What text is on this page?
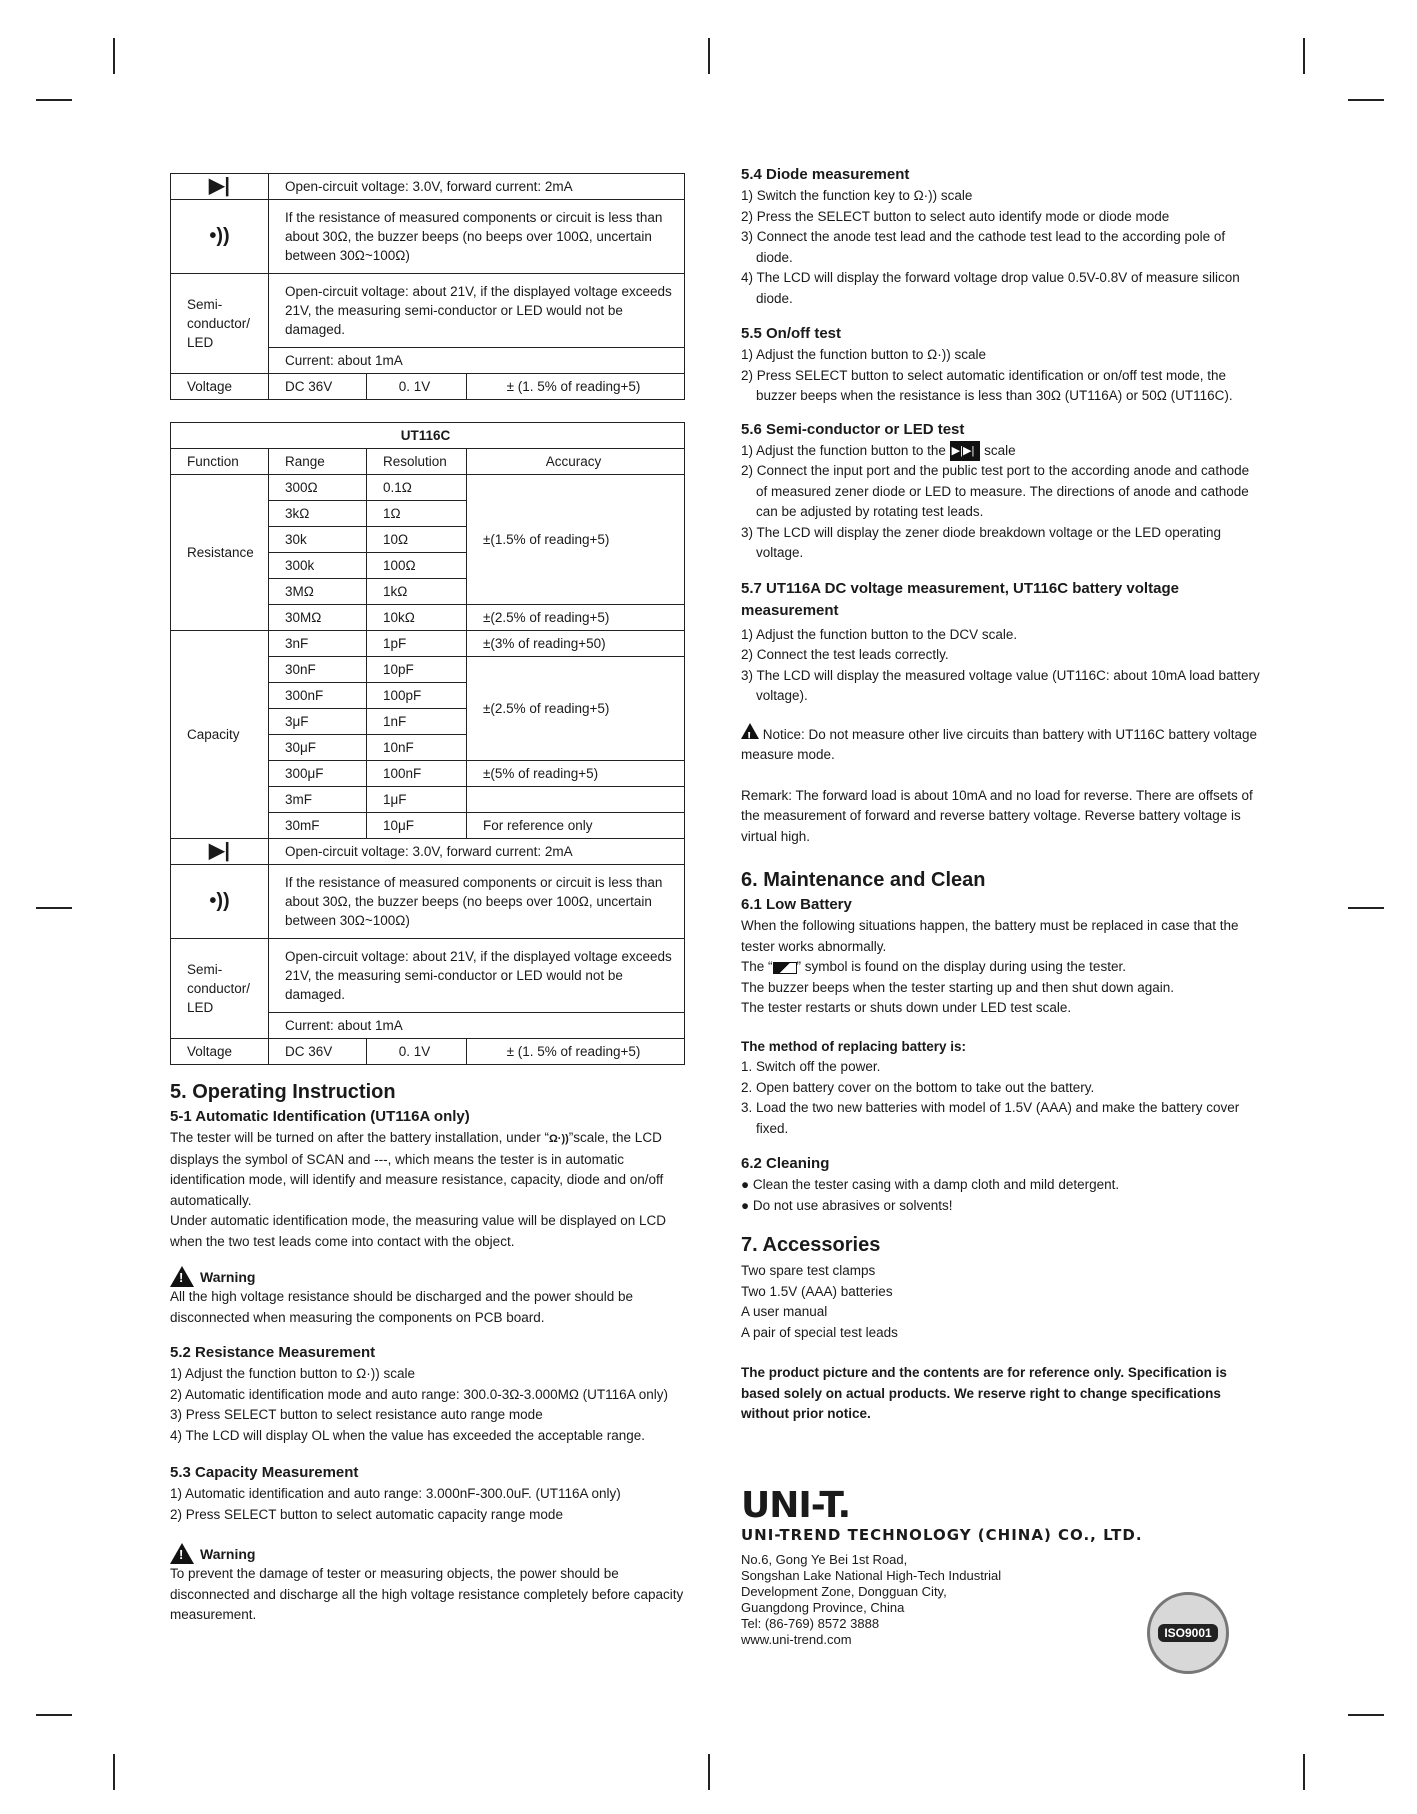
▶|	Open-circuit voltage: 3.0V, forward current: 2mA		
•))	If the resistance of measured components or circuit is less than about 30Ω, the buzzer beeps (no beeps over 100Ω, uncertain between 30Ω~100Ω)		
Semi-conductor/ LED	Open-circuit voltage: about 21V, if the displayed voltage exceeds 21V, the measuring semi-conductor or LED would not be damaged.		
	Current: about 1mA		
Voltage	DC 36V	0. 1V	± (1. 5% of reading+5)
UT116C			
Function	Range	Resolution	Accuracy
Resistance	300Ω	0.1Ω	±(1.5% of reading+5)
	3kΩ	1Ω	
	30k	10Ω	
	300k	100Ω	
	3MΩ	1kΩ	
	30MΩ	10kΩ	±(2.5% of reading+5)
Capacity	3nF	1pF	±(3% of reading+50)
	30nF	10pF	±(2.5% of reading+5)
	300nF	100pF	
	3μF	1nF	
	30μF	10nF	
	300μF	100nF	±(5% of reading+5)
	3mF	1μF	
	30mF	10μF	For reference only
▶|	Open-circuit voltage: 3.0V, forward current: 2mA		
•))	If the resistance of measured components or circuit is less than about 30Ω, the buzzer beeps (no beeps over 100Ω, uncertain between 30Ω~100Ω)		
Semi-conductor/ LED	Open-circuit voltage: about 21V, if the displayed voltage exceeds 21V, the measuring semi-conductor or LED would not be damaged.		
	Current: about 1mA		
Voltage	DC 36V	0. 1V	± (1. 5% of reading+5)
5. Operating Instruction
5-1 Automatic Identification (UT116A only)

The tester will be turned on after the battery installation, under “Ω·))”scale, the LCD displays the symbol of SCAN and ---, which means the tester is in automatic identification mode, will identify and measure resistance, capacity, diode and on/off automatically.

Under automatic identification mode, the measuring value will be displayed on LCD when the two test leads come into contact with the object.

!
Warning

All the high voltage resistance should be discharged and the power should be disconnected when measuring the components on PCB board.

5.2 Resistance Measurement

1) Adjust the function button to Ω·)) scale

2) Automatic identification mode and auto range: 300.0-3Ω-3.000MΩ (UT116A only)

3) Press SELECT button to select resistance auto range mode

4) The LCD will display OL when the value has exceeded the acceptable range.

5.3 Capacity Measurement

1) Automatic identification and auto range: 3.000nF-300.0uF. (UT116A only)

2) Press SELECT button to select automatic capacity range mode

!
Warning

To prevent the damage of tester or measuring objects, the power should be disconnected and discharge all the high voltage resistance completely before capacity measurement.

5.4 Diode measurement

1) Switch the function key to Ω·)) scale

2) Press the SELECT button to select auto identify mode or diode mode

3) Connect the anode test lead and the cathode test lead to the according pole of diode.

4) The LCD will display the forward voltage drop value 0.5V-0.8V of measure silicon diode.

5.5 On/off test

1) Adjust the function button to Ω·)) scale

2) Press SELECT button to select automatic identification or on/off test mode, the buzzer beeps when the resistance is less than 30Ω (UT116A) or 50Ω (UT116C).

5.6 Semi-conductor or LED test

1) Adjust the function button to the ←▶|▶| scale

2) Connect the input port and the public test port to the according anode and cathode of measured zener diode or LED to measure. The directions of anode and cathode can be adjusted by rotating test leads.

3) The LCD will display the zener diode breakdown voltage or the LED operating voltage.

5.7 UT116A DC voltage measurement, UT116C battery voltage measurement

1) Adjust the function button to the DCV scale.

2) Connect the test leads correctly.

3) The LCD will display the measured voltage value (UT116C: about 10mA load battery voltage).

! Notice: Do not measure other live circuits than battery with UT116C battery voltage measure mode.

Remark: The forward load is about 10mA and no load for reverse. There are offsets of the measurement of forward and reverse battery voltage. Reverse battery voltage is virtual high.

6. Maintenance and Clean
6.1 Low Battery

When the following situations happen, the battery must be replaced in case that the tester works abnormally.

The “ ” symbol is found on the display during using the tester.

The buzzer beeps when the tester starting up and then shut down again.

The tester restarts or shuts down under LED test scale.

The method of replacing battery is:

1. Switch off the power.

2. Open battery cover on the bottom to take out the battery.

3. Load the two new batteries with model of 1.5V (AAA) and make the battery cover fixed.

6.2 Cleaning

● Clean the tester casing with a damp cloth and mild detergent.

● Do not use abrasives or solvents!

7. Accessories

Two spare test clamps

Two 1.5V (AAA) batteries

A user manual

A pair of special test leads

The product picture and the contents are for reference only. Specification is based solely on actual products. We reserve right to change specifications without prior notice.

UNI-T.
UNI-TREND TECHNOLOGY (CHINA) CO., LTD.

No.6, Gong Ye Bei 1st Road,

Songshan Lake National High-Tech Industrial

Development Zone, Dongguan City,

Guangdong Province, China

Tel: (86-769) 8572 3888

www.uni-trend.com	ISO9001
